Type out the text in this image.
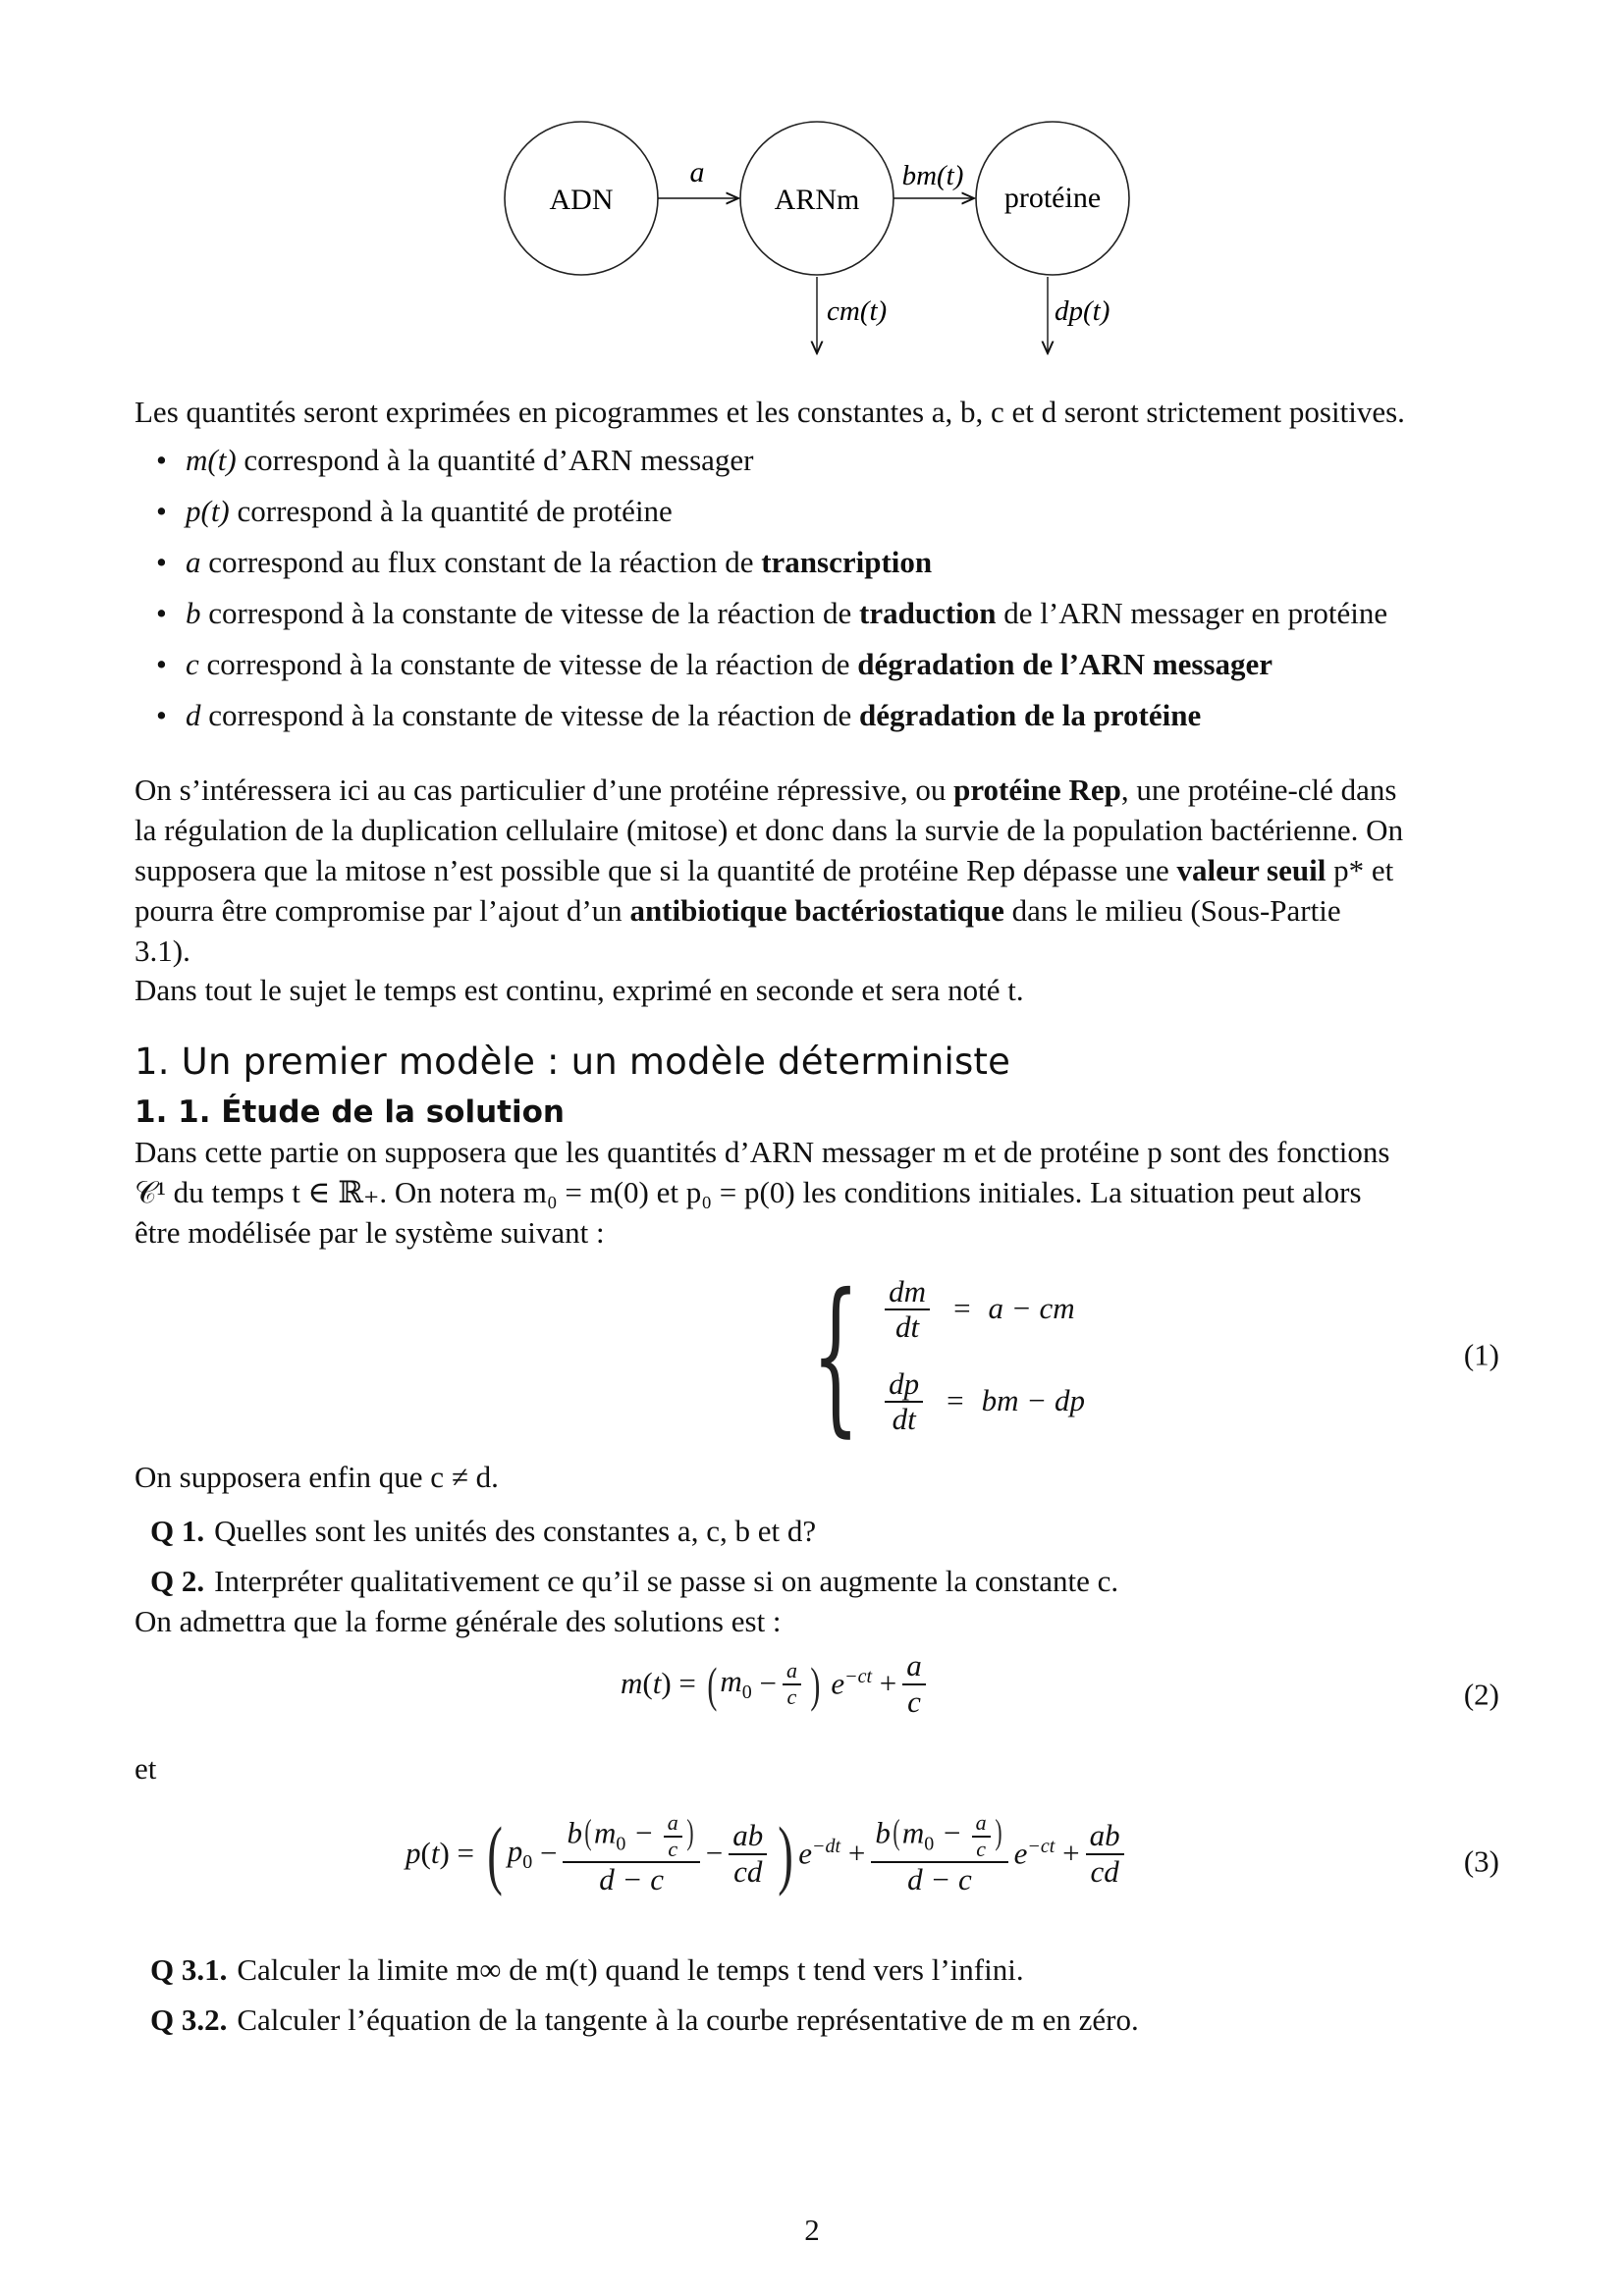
ADN	ARNm	protéine
a	bm(t)
cm(t)	dp(t)

Les quantités seront exprimées en picogrammes et les constantes a, b, c et d seront strictement positives.

• m(t) correspond à la quantité d’ARN messager
• p(t) correspond à la quantité de protéine
• a correspond au flux constant de la réaction de transcription
• b correspond à la constante de vitesse de la réaction de traduction de l’ARN messager en protéine
• c correspond à la constante de vitesse de la réaction de dégradation de l’ARN messager
• d correspond à la constante de vitesse de la réaction de dégradation de la protéine

On s’intéressera ici au cas particulier d’une protéine répressive, ou protéine Rep, une protéine-clé dans

la régulation de la duplication cellulaire (mitose) et donc dans la survie de la population bactérienne. On

supposera que la mitose n’est possible que si la quantité de protéine Rep dépasse une valeur seuil p* et

pourra être compromise par l’ajout d’un antibiotique bactériostatique dans le milieu (Sous-Partie

3.1).

Dans tout le sujet le temps est continu, exprimé en seconde et sera noté t.

1. Un premier modèle : un modèle déterministe
1. 1. Étude de la solution

Dans cette partie on supposera que les quantités d’ARN messager m et de protéine p sont des fonctions

𝒞¹ du temps t ∈ ℝ₊. On notera m₀ = m(0) et p₀ = p(0) les conditions initiales. La situation peut alors

être modélisée par le système suivant :

{ $\frac{dm}{dt} = a$ − cm
$\frac{dp}{dt}$ = bm − dp
(1)

On supposera enfin que c ≠ d.

Q 1. Quelles sont les unités des constantes a, c, b et d?

Q 2. Interpréter qualitativement ce qu’il se passe si on augmente la constante c.

On admettra que la forme générale des solutions est :

m ( t ) = ( $m_0 - \frac{a}{c}$ ) $e^{-ct} + \frac{a}{c}$	(2)

et

p ( t ) = ( $p_0 - \frac{b(m_0 - \frac{a}{c} )}{d - c} - \frac{ab}{cd}$ ) $e^{-dt} + \frac{b(m_0 - \frac{a}{c} )}{d - c} e^{-ct} + \frac{ab}{cd}$	(3)

Q 3.1. Calculer la limite m∞ de m(t) quand le temps t tend vers l’infini.

Q 3.2. Calculer l’équation de la tangente à la courbe représentative de m en zéro.

2
